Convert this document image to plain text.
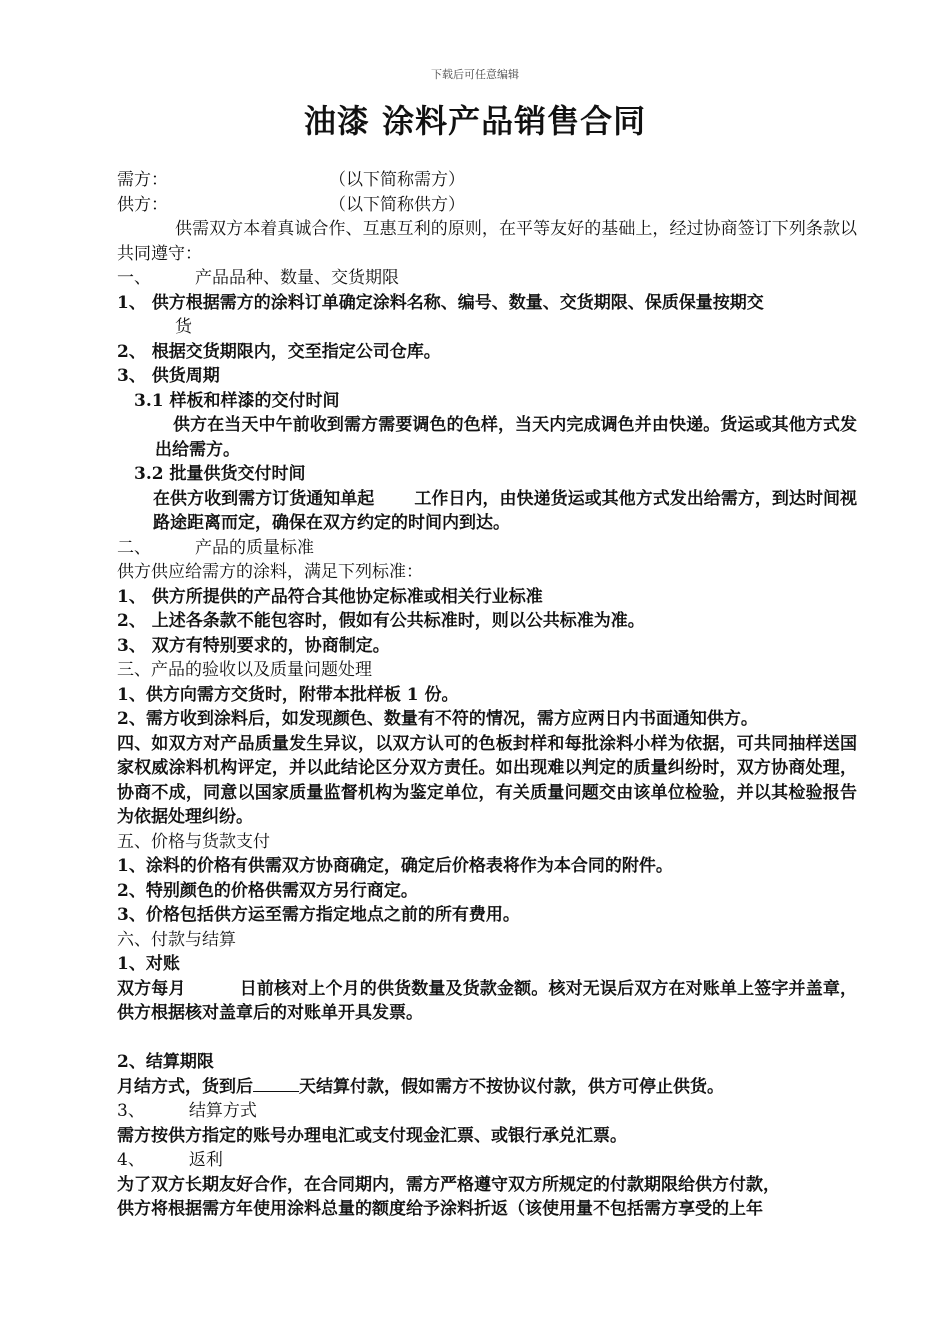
下载后可任意编辑
油漆 涂料产品销售合同
需方：	（以下简称需方）
供方：	（以下简称供方）
供需双方本着真诚合作、互惠互利的原则，在平等友好的基础上，经过协商签订下列条款以共同遵守：
一、	产品品种、数量、交货期限
1、 供方根据需方的涂料订单确定涂料名称、编号、数量、交货期限、保质保量按期交
货
2、 根据交货期限内，交至指定公司仓库。
3、 供货周期
3.1 样板和样漆的交付时间
供方在当天中午前收到需方需要调色的色样，当天内完成调色并由快递。货运或其他方式发出给需方。
3.2 批量供货交付时间
在供方收到需方订货通知单起 工作日内，由快递货运或其他方式发出给需方，到达时间视路途距离而定，确保在双方约定的时间内到达。
二、	产品的质量标准
供方供应给需方的涂料，满足下列标准：
1、 供方所提供的产品符合其他协定标准或相关行业标准
2、 上述各条款不能包容时，假如有公共标准时，则以公共标准为准。
3、 双方有特别要求的，协商制定。
三、产品的验收以及质量问题处理
1、供方向需方交货时，附带本批样板 1 份。
2、需方收到涂料后，如发现颜色、数量有不符的情况，需方应两日内书面通知供方。
四、如双方对产品质量发生异议，以双方认可的色板封样和每批涂料小样为依据，可共同抽样送国家权威涂料机构评定，并以此结论区分双方责任。如出现难以判定的质量纠纷时，双方协商处理，协商不成，同意以国家质量监督机构为鉴定单位，有关质量问题交由该单位检验，并以其检验报告为依据处理纠纷。
五、价格与货款支付
1、涂料的价格有供需双方协商确定，确定后价格表将作为本合同的附件。
2、特别颜色的价格供需双方另行商定。
3、价格包括供方运至需方指定地点之前的所有费用。
六、付款与结算
1、对账
双方每月	日前核对上个月的供货数量及货款金额。核对无误后双方在对账单上签字并盖章，供方根据核对盖章后的对账单开具发票。
2、结算期限
月结方式，货到后	天结算付款，假如需方不按协议付款，供方可停止供货。
3、	结算方式
需方按供方指定的账号办理电汇或支付现金汇票、或银行承兑汇票。
4、	返利
为了双方长期友好合作，在合同期内，需方严格遵守双方所规定的付款期限给供方付款，
供方将根据需方年使用涂料总量的额度给予涂料折返（该使用量不包括需方享受的上年
